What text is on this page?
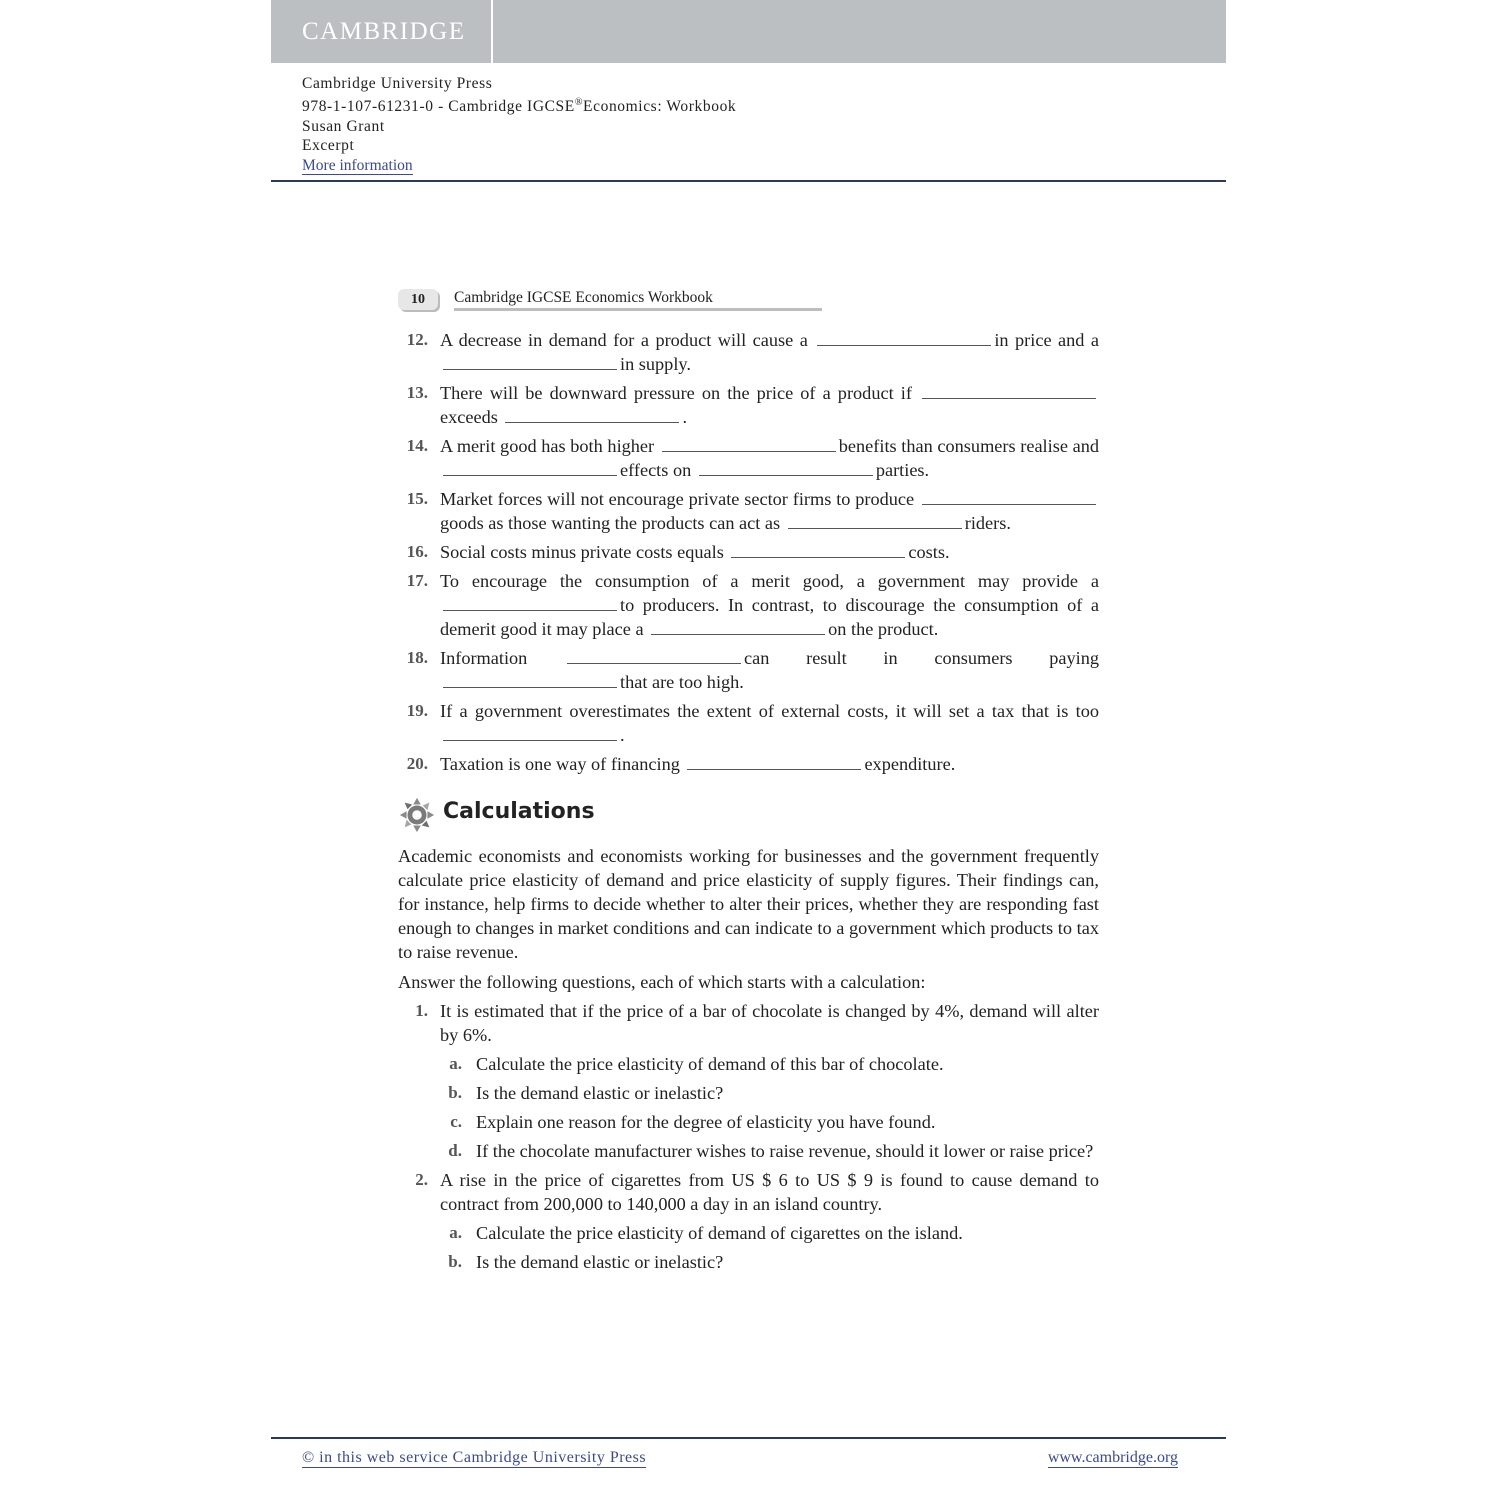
CAMBRIDGE
Cambridge University Press
978-1-107-61231-0 - Cambridge IGCSE®Economics: Workbook
Susan Grant
Excerpt
More information
10	Cambridge IGCSE Economics Workbook
12. A decrease in demand for a product will cause a	in price and a in supply.
13. There will be downward pressure on the price of a product if exceeds	.
14. A merit good has both higher	benefits than consumers realise and effects on	parties.
15. Market forces will not encourage private sector firms to produce goods as those wanting the products can act as	riders.
16. Social costs minus private costs equals	costs.
17. To encourage the consumption of a merit good, a government may provide a to producers. In contrast, to discourage the consumption of a demerit good it may place a	on the product.
18. Information	can result in consumers paying that are too high.
19. If a government overestimates the extent of external costs, it will set a tax that is too .
20. Taxation is one way of financing	expenditure.
Calculations
Academic economists and economists working for businesses and the government frequently calculate price elasticity of demand and price elasticity of supply figures. Their findings can, for instance, help firms to decide whether to alter their prices, whether they are responding fast enough to changes in market conditions and can indicate to a government which products to tax to raise revenue.
Answer the following questions, each of which starts with a calculation:
1. It is estimated that if the price of a bar of chocolate is changed by 4%, demand will alter by 6%.
a. Calculate the price elasticity of demand of this bar of chocolate.
b. Is the demand elastic or inelastic?
c. Explain one reason for the degree of elasticity you have found.
d. If the chocolate manufacturer wishes to raise revenue, should it lower or raise price?
2. A rise in the price of cigarettes from US $ 6 to US $ 9 is found to cause demand to contract from 200,000 to 140,000 a day in an island country.
a. Calculate the price elasticity of demand of cigarettes on the island.
b. Is the demand elastic or inelastic?
© in this web service Cambridge University Press	www.cambridge.org
